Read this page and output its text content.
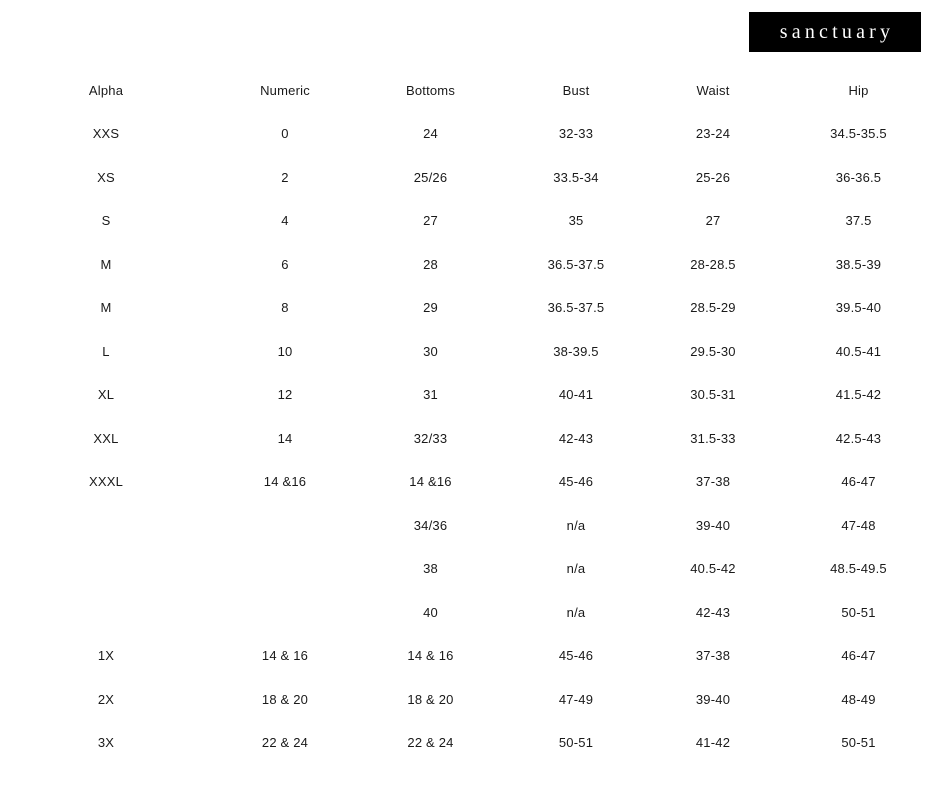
sanctuary
Alpha	Numeric	Bottoms	Bust	Waist	Hip
XXS	0	24	32-33	23-24	34.5-35.5
XS	2	25/26	33.5-34	25-26	36-36.5
S	4	27	35	27	37.5
M	6	28	36.5-37.5	28-28.5	38.5-39
M	8	29	36.5-37.5	28.5-29	39.5-40
L	10	30	38-39.5	29.5-30	40.5-41
XL	12	31	40-41	30.5-31	41.5-42
XXL	14	32/33	42-43	31.5-33	42.5-43
XXXL	14 &16	14 &16	45-46	37-38	46-47
		34/36	n/a	39-40	47-48
		38	n/a	40.5-42	48.5-49.5
		40	n/a	42-43	50-51
1X	14 & 16	14 & 16	45-46	37-38	46-47
2X	18 & 20	18 & 20	47-49	39-40	48-49
3X	22 & 24	22 & 24	50-51	41-42	50-51
